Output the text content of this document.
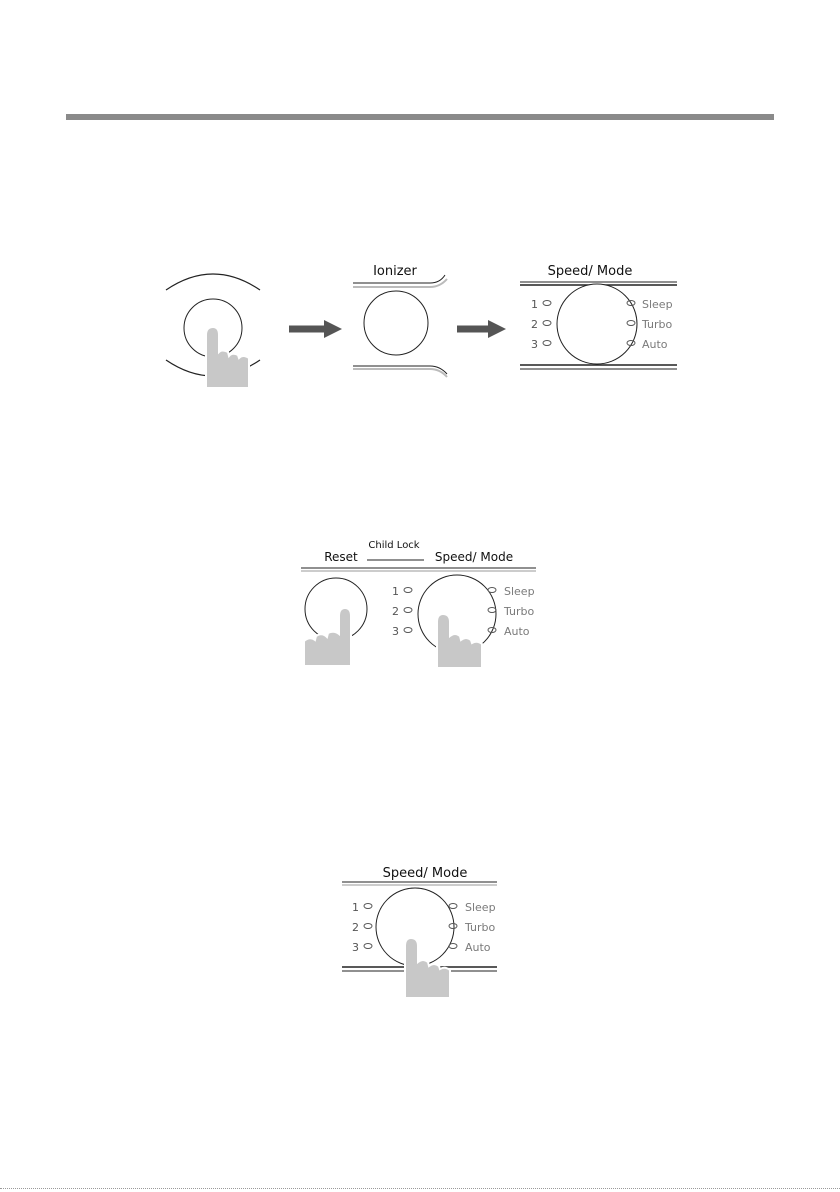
Ionizer	Speed/ Mode
1
2
3
Sleep
Turbo
Auto
Reset
Child Lock
Speed/ Mode
1
2
3
Sleep
Turbo
Auto
Speed/ Mode
1
2
3
Sleep
Turbo
Auto
